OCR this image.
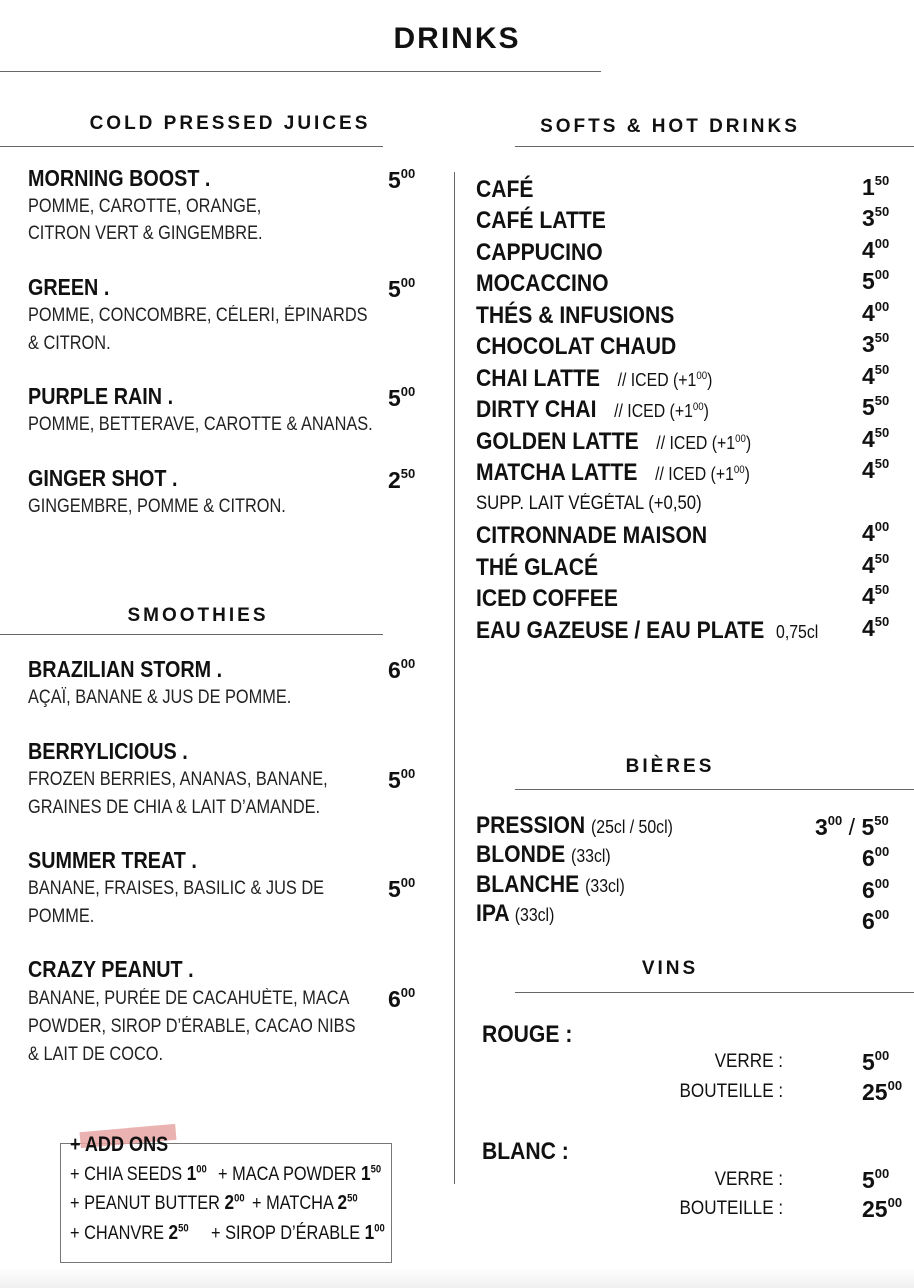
DRINKS
COLD PRESSED JUICES
MORNING BOOST .
POMME, CAROTTE, ORANGE,
CITRON VERT & GINGEMBRE.
$5^{00}$
GREEN .
POMME, CONCOMBRE, CÉLERI, ÉPINARDS
& CITRON.
$5^{00}$
PURPLE RAIN .
POMME, BETTERAVE, CAROTTE & ANANAS.
$5^{00}$
GINGER SHOT .
GINGEMBRE, POMME & CITRON.
$2^{50}$
SMOOTHIES
BRAZILIAN STORM .
AÇAÏ, BANANE & JUS DE POMME.
$6^{00}$
BERRYLICIOUS .
FROZEN BERRIES, ANANAS, BANANE,
GRAINES DE CHIA & LAIT D’AMANDE.
$5^{00}$
SUMMER TREAT .
BANANE, FRAISES, BASILIC & JUS DE
POMME.
$5^{00}$
CRAZY PEANUT .
BANANE, PURÉE DE CACAHUÈTE, MACA
POWDER, SIROP D’ÉRABLE, CACAO NIBS
& LAIT DE COCO.
$6^{00}$
+ ADD ONS
+ CHIA SEEDS $1^{00}$ + MACA POWDER $1^{50}$
+ PEANUT BUTTER $2^{00}$ + MATCHA $2^{50}$
+ CHANVRE $2^{50}$ + SIROP D’ÉRABLE $1^{00}$
SOFTS & HOT DRINKS
CAFÉ	$1^{50}$
CAFÉ LATTE	$3^{50}$
CAPPUCINO	$4^{00}$
MOCACCINO	$5^{00}$
THÉS & INFUSIONS	$4^{00}$
CHOCOLAT CHAUD	$3^{50}$
CHAI LATTE // ICED $(+1^{00})$	$4^{50}$
DIRTY CHAI // ICED $(+1^{00})$	$5^{50}$
GOLDEN LATTE // ICED $(+1^{00})$	$4^{50}$
MATCHA LATTE // ICED $(+1^{00})$	$4^{50}$
SUPP. LAIT VÉGÉTAL (+0,50)
CITRONNADE MAISON	$4^{00}$
THÉ GLACÉ	$4^{50}$
ICED COFFEE	$4^{50}$
EAU GAZEUSE / EAU PLATE 0,75cl $4^{50}$
BIÈRES
PRESSION (25cl / 50cl)	$3^{00} / 5^{50}$
BLONDE (33cl)	$6^{00}$
BLANCHE (33cl)	$6^{00}$
IPA (33cl)	$6^{00}$
VINS
ROUGE :
VERRE :	$5^{00}$
BOUTEILLE :	$25^{00}$
BLANC :
VERRE :	$5^{00}$
BOUTEILLE :	$25^{00}$
